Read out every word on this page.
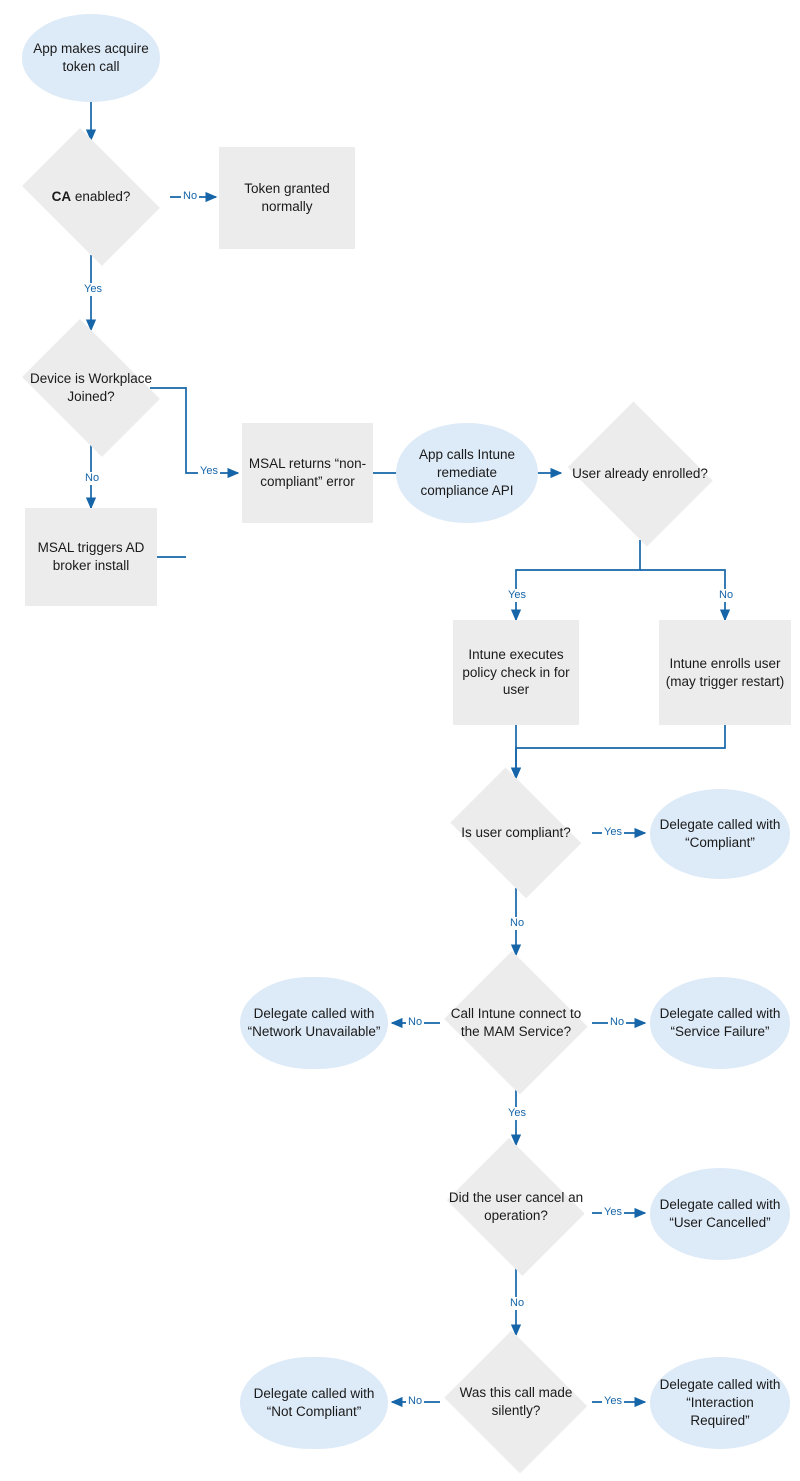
App makes acquire token call
CA enabled?
Token granted normally
Device is Workplace Joined?
MSAL triggers AD broker install
MSAL returns “non-compliant” error
App calls Intune remediate compliance API
User already enrolled?
Intune executes policy check in for user
Intune enrolls user (may trigger restart)
Is user compliant?
Delegate called with “Compliant”
Call Intune connect to the MAM Service?
Delegate called with “Network Unavailable”
Delegate called with “Service Failure”
Did the user cancel an operation?
Delegate called with “User Cancelled”
Was this call made silently?
Delegate called with “Not Compliant”
Delegate called with “Interaction Required”
No
Yes
No
Yes
Yes	No
Yes
No
No	No
Yes
Yes
No
No	Yes
